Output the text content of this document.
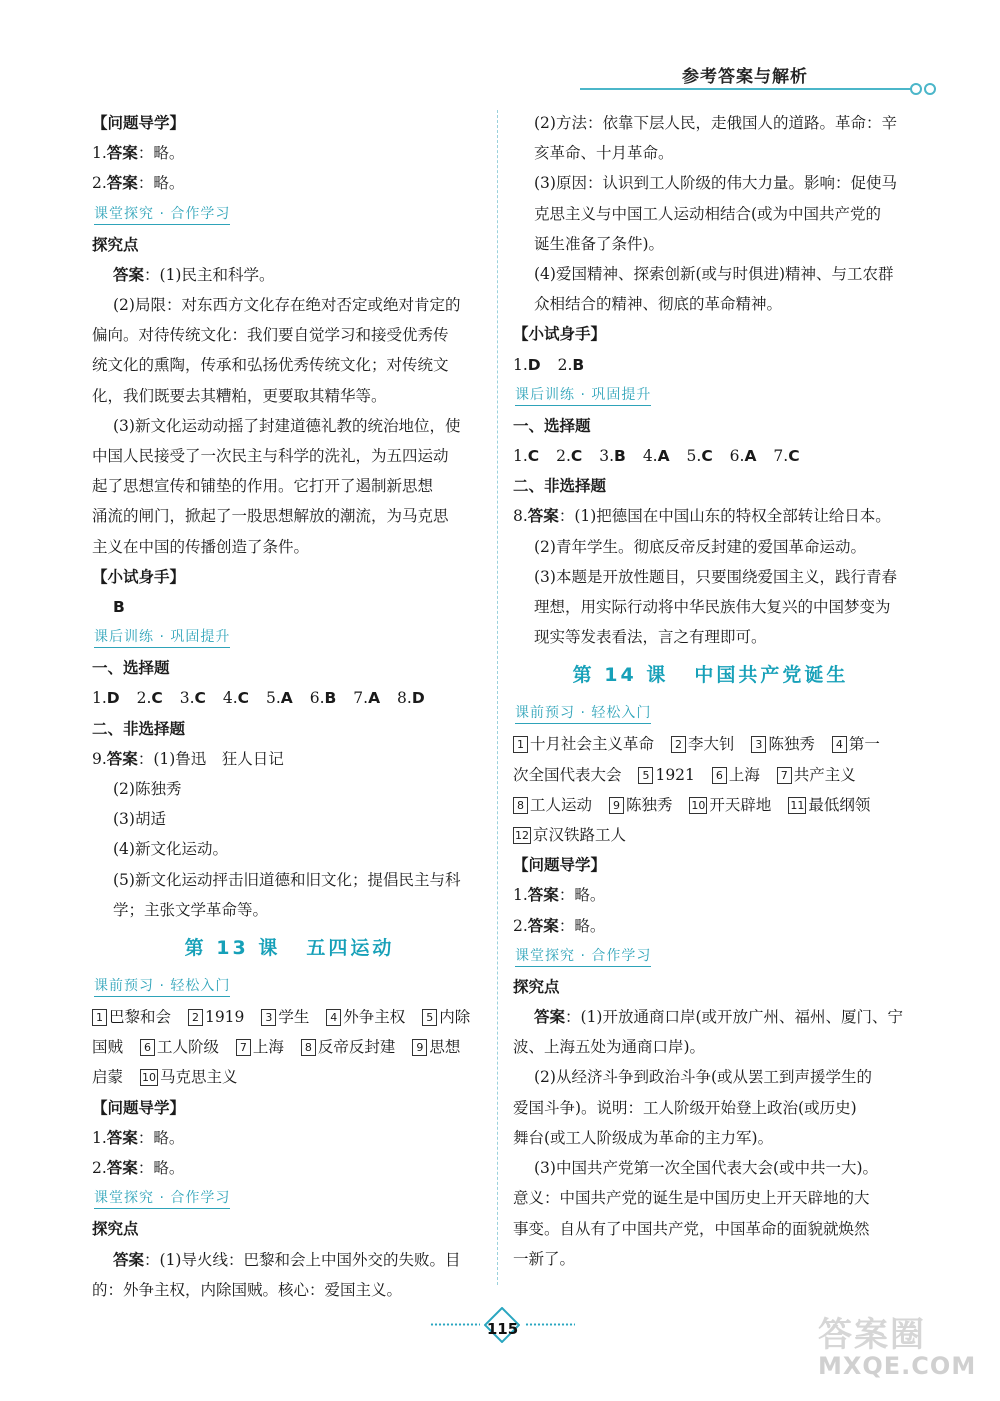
参考答案与解析
【问题导学】
1.答案：略。
2.答案：略。
课堂探究 · 合作学习
探究点
答案：(1)民主和科学。
(2)局限：对东西方文化存在绝对否定或绝对肯定的
偏向。对待传统文化：我们要自觉学习和接受优秀传
统文化的熏陶，传承和弘扬优秀传统文化；对传统文
化，我们既要去其糟粕，更要取其精华等。
(3)新文化运动动摇了封建道德礼教的统治地位，使
中国人民接受了一次民主与科学的洗礼，为五四运动
起了思想宣传和铺垫的作用。它打开了遏制新思想
涌流的闸门，掀起了一股思想解放的潮流，为马克思
主义在中国的传播创造了条件。
【小试身手】
B
课后训练 · 巩固提升
一、选择题
1.D 2.C 3.C 4.C 5.A 6.B 7.A 8.D
二、非选择题
9.答案：(1)鲁迅　狂人日记
(2)陈独秀
(3)胡适
(4)新文化运动。
(5)新文化运动抨击旧道德和旧文化；提倡民主与科
学；主张文学革命等。
第 13 课 五四运动
课前预习 · 轻松入门
1 巴黎和会 2 1919 3 学生 4 外争主权 5 内除
国贼 6 工人阶级 7 上海 8 反帝反封建 9 思想
启蒙 10 马克思主义
【问题导学】
1.答案：略。
2.答案：略。
课堂探究 · 合作学习
探究点
答案：(1)导火线：巴黎和会上中国外交的失败。目
的：外争主权，内除国贼。核心：爱国主义。
(2)方法：依靠下层人民，走俄国人的道路。革命：辛
亥革命、十月革命。
(3)原因：认识到工人阶级的伟大力量。影响：促使马
克思主义与中国工人运动相结合(或为中国共产党的
诞生准备了条件)。
(4)爱国精神、探索创新(或与时俱进)精神、与工农群
众相结合的精神、彻底的革命精神。
【小试身手】
1.D 2.B
课后训练 · 巩固提升
一、选择题
1.C 2.C 3.B 4.A 5.C 6.A 7.C
二、非选择题
8.答案：(1)把德国在中国山东的特权全部转让给日本。
(2)青年学生。彻底反帝反封建的爱国革命运动。
(3)本题是开放性题目，只要围绕爱国主义，践行青春
理想，用实际行动将中华民族伟大复兴的中国梦变为
现实等发表看法，言之有理即可。
第 14 课 中国共产党诞生
课前预习 · 轻松入门
1 十月社会主义革命 2 李大钊 3 陈独秀 4 第一
次全国代表大会 5 1921 6 上海 7 共产主义
8 工人运动 9 陈独秀 10 开天辟地 11 最低纲领
12 京汉铁路工人
【问题导学】
1.答案：略。
2.答案：略。
课堂探究 · 合作学习
探究点
答案：(1)开放通商口岸(或开放广州、福州、厦门、宁
波、上海五处为通商口岸)。
(2)从经济斗争到政治斗争(或从罢工到声援学生的
爱国斗争)。说明：工人阶级开始登上政治(或历史)
舞台(或工人阶级成为革命的主力军)。
(3)中国共产党第一次全国代表大会(或中共一大)。
意义：中国共产党的诞生是中国历史上开天辟地的大
事变。自从有了中国共产党，中国革命的面貌就焕然
一新了。
115	答案圈
MXQE.COM
